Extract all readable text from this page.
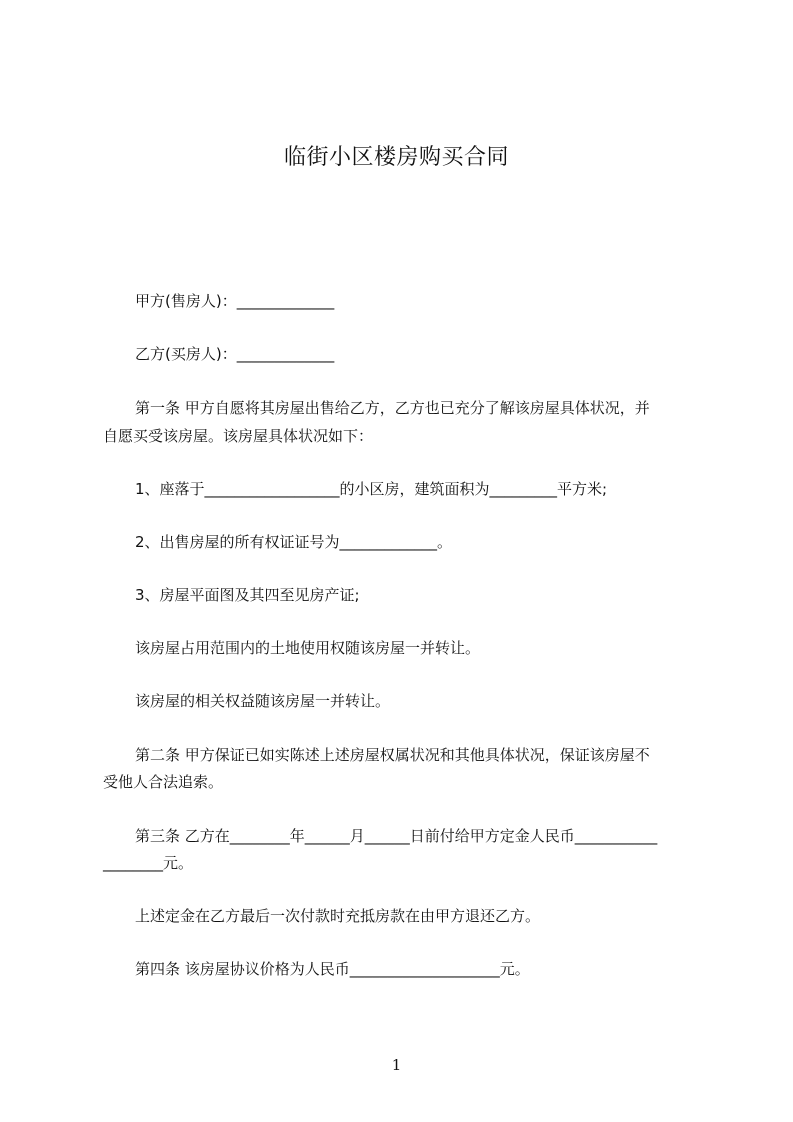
临街小区楼房购买合同

甲方(售房人)：_____________

乙方(买房人)：_____________

第一条 甲方自愿将其房屋出售给乙方，乙方也已充分了解该房屋具体状况，并

自愿买受该房屋。该房屋具体状况如下：

1、座落于__________________的小区房，建筑面积为_________平方米;

2、出售房屋的所有权证证号为_____________。

3、房屋平面图及其四至见房产证;

该房屋占用范围内的土地使用权随该房屋一并转让。

该房屋的相关权益随该房屋一并转让。

第二条 甲方保证已如实陈述上述房屋权属状况和其他具体状况，保证该房屋不

受他人合法追索。

第三条 乙方在________年______月______日前付给甲方定金人民币___________

________元。

上述定金在乙方最后一次付款时充抵房款在由甲方退还乙方。

第四条 该房屋协议价格为人民币____________________元。

1
